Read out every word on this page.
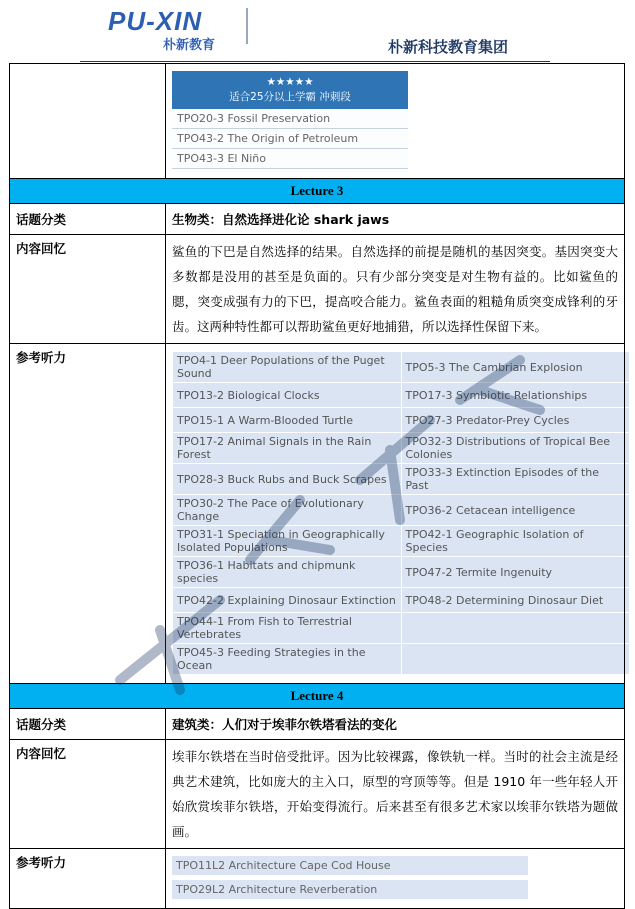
PU-XIN
朴新教育	朴新科技教育集团

★★★★★
适合25分以上学霸 冲刺段
TPO20-3 Fossil Preservation
TPO43-2 The Origin of Petroleum
TPO43-3 El Niño

Lecture 3
话题分类	生物类：自然选择进化论 shark jaws
内容回忆	鲨鱼的下巴是自然选择的结果。自然选择的前提是随机的基因突变。基因突变大多数都是没用的甚至是负面的。只有少部分突变是对生物有益的。比如鲨鱼的腮，突变成强有力的下巴，提高咬合能力。鲨鱼表面的粗糙角质突变成锋利的牙齿。这两种特性都可以帮助鲨鱼更好地捕猎，所以选择性保留下来。

参考听力		TPO4-1 Deer Populations of the Puget Sound	TPO5-3 The Cambrian Explosion
TPO13-2 Biological Clocks	TPO17-3 Symbiotic Relationships
TPO15-1 A Warm-Blooded Turtle	TPO27-3 Predator-Prey Cycles
TPO17-2 Animal Signals in the Rain Forest	TPO32-3 Distributions of Tropical Bee Colonies
TPO28-3 Buck Rubs and Buck Scrapes	TPO33-3 Extinction Episodes of the Past
TPO30-2 The Pace of Evolutionary Change	TPO36-2 Cetacean intelligence
TPO31-1 Speciation in Geographically Isolated Populations	TPO42-1 Geographic Isolation of Species
TPO36-1 Habitats and chipmunk species	TPO47-2 Termite Ingenuity
TPO42-2 Explaining Dinosaur Extinction	TPO48-2 Determining Dinosaur Diet
TPO44-1 From Fish to Terrestrial Vertebrates	
TPO45-3 Feeding Strategies in the Ocean	

Lecture 4
话题分类	建筑类：人们对于埃菲尔铁塔看法的变化
内容回忆	埃菲尔铁塔在当时倍受批评。因为比较裸露，像铁轨一样。当时的社会主流是经典艺术建筑，比如庞大的主入口，原型的穹顶等等。但是 1910 年一些年轻人开始欣赏埃菲尔铁塔，开始变得流行。后来甚至有很多艺术家以埃菲尔铁塔为题做画。

参考听力	TPO11L2 Architecture Cape Cod House
TPO29L2 Architecture Reverberation
